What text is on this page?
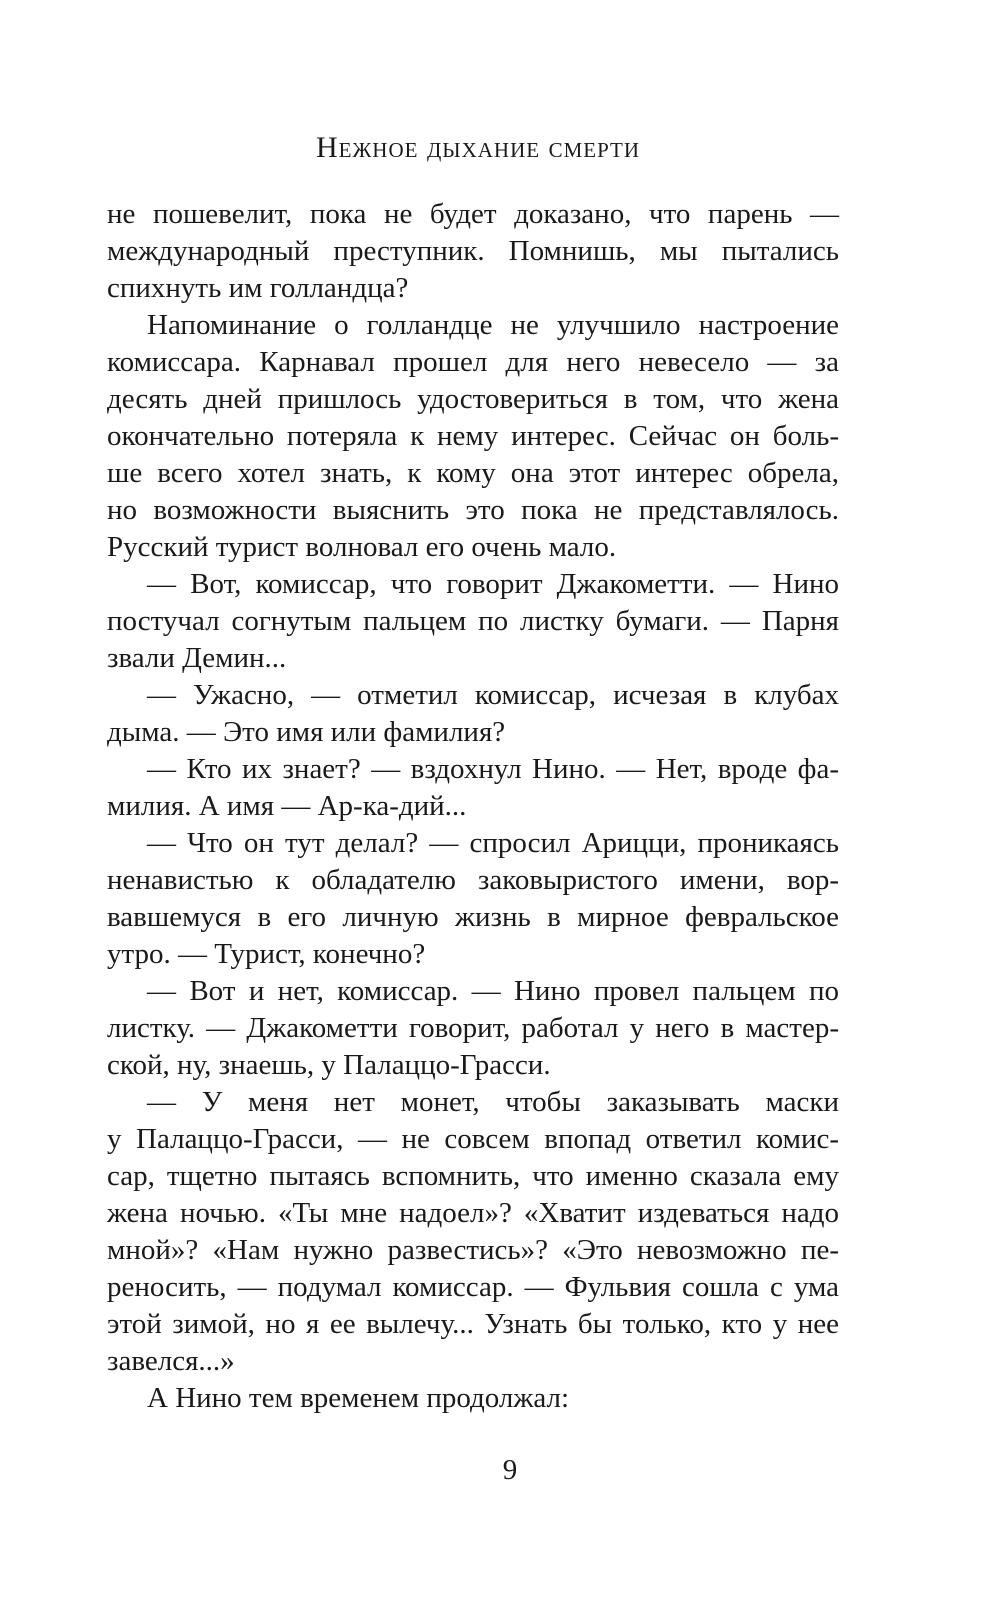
Нежное дыхание смерти
не пошевелит, пока не будет доказано, что парень —
международный преступник. Помнишь, мы пытались
спихнуть им голландца?
Напоминание о голландце не улучшило настроение
комиссара. Карнавал прошел для него невесело — за
десять дней пришлось удостовериться в том, что жена
окончательно потеряла к нему интерес. Сейчас он боль-
ше всего хотел знать, к кому она этот интерес обрела,
но возможности выяснить это пока не представлялось.
Русский турист волновал его очень мало.
— Вот, комиссар, что говорит Джакометти. — Нино
постучал согнутым пальцем по листку бумаги. — Парня
звали Демин...
— Ужасно, — отметил комиссар, исчезая в клубах
дыма. — Это имя или фамилия?
— Кто их знает? — вздохнул Нино. — Нет, вроде фа-
милия. А имя — Ар-ка-дий...
— Что он тут делал? — спросил Арицци, проникаясь
ненавистью к обладателю заковыристого имени, вор-
вавшемуся в его личную жизнь в мирное февральское
утро. — Турист, конечно?
— Вот и нет, комиссар. — Нино провел пальцем по
листку. — Джакометти говорит, работал у него в мастер-
ской, ну, знаешь, у Палаццо-Грасси.
— У меня нет монет, чтобы заказывать маски
у Палаццо-Грасси, — не совсем впопад ответил комис-
сар, тщетно пытаясь вспомнить, что именно сказала ему
жена ночью. «Ты мне надоел»? «Хватит издеваться надо
мной»? «Нам нужно развестись»? «Это невозможно пе-
реносить, — подумал комиссар. — Фульвия сошла с ума
этой зимой, но я ее вылечу... Узнать бы только, кто у нее
завелся...»
А Нино тем временем продолжал:
9
